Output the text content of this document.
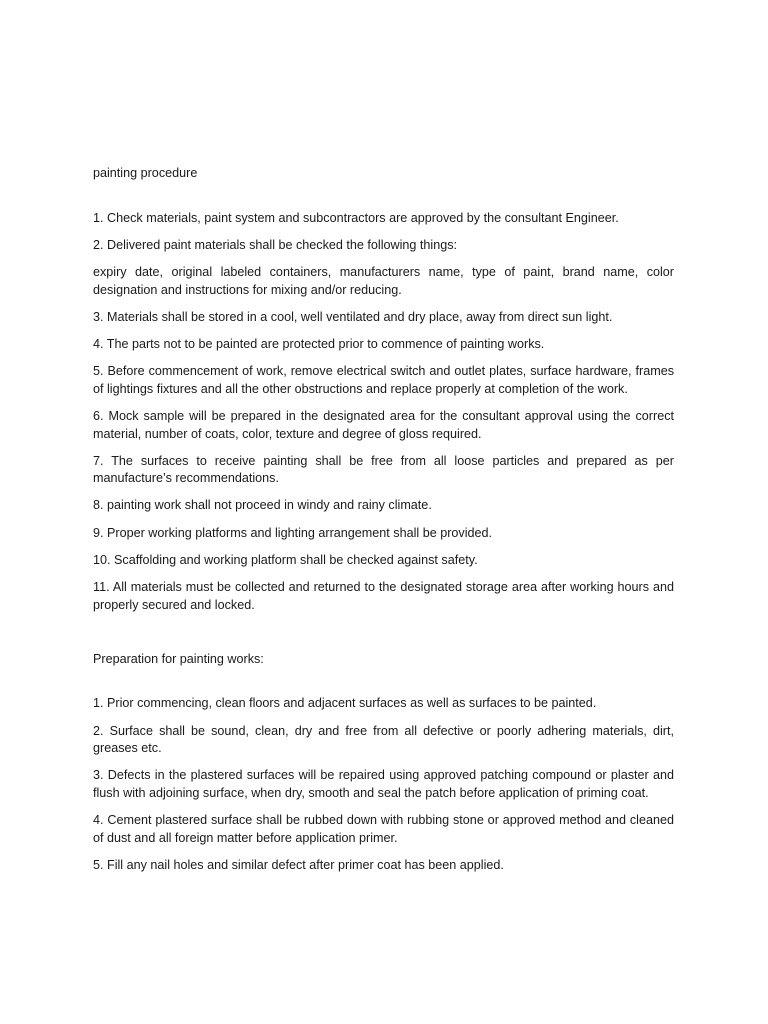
painting procedure

1. Check materials, paint system and subcontractors are approved by the consultant Engineer.

2. Delivered paint materials shall be checked the following things:

expiry date, original labeled containers, manufacturers name, type of paint, brand name, color designation and instructions for mixing and/or reducing.

3. Materials shall be stored in a cool, well ventilated and dry place, away from direct sun light.

4. The parts not to be painted are protected prior to commence of painting works.

5. Before commencement of work, remove electrical switch and outlet plates, surface hardware, frames of lightings fixtures and all the other obstructions and replace properly at completion of the work.

6. Mock sample will be prepared in the designated area for the consultant approval using the correct material, number of coats, color, texture and degree of gloss required.

7. The surfaces to receive painting shall be free from all loose particles and prepared as per manufacture’s recommendations.

8. painting work shall not proceed in windy and rainy climate.

9. Proper working platforms and lighting arrangement shall be provided.

10. Scaffolding and working platform shall be checked against safety.

11. All materials must be collected and returned to the designated storage area after working hours and properly secured and locked.

Preparation for painting works:

1. Prior commencing, clean floors and adjacent surfaces as well as surfaces to be painted.

2. Surface shall be sound, clean, dry and free from all defective or poorly adhering materials, dirt, greases etc.

3. Defects in the plastered surfaces will be repaired using approved patching compound or plaster and flush with adjoining surface, when dry, smooth and seal the patch before application of priming coat.

4. Cement plastered surface shall be rubbed down with rubbing stone or approved method and cleaned of dust and all foreign matter before application primer.

5. Fill any nail holes and similar defect after primer coat has been applied.
